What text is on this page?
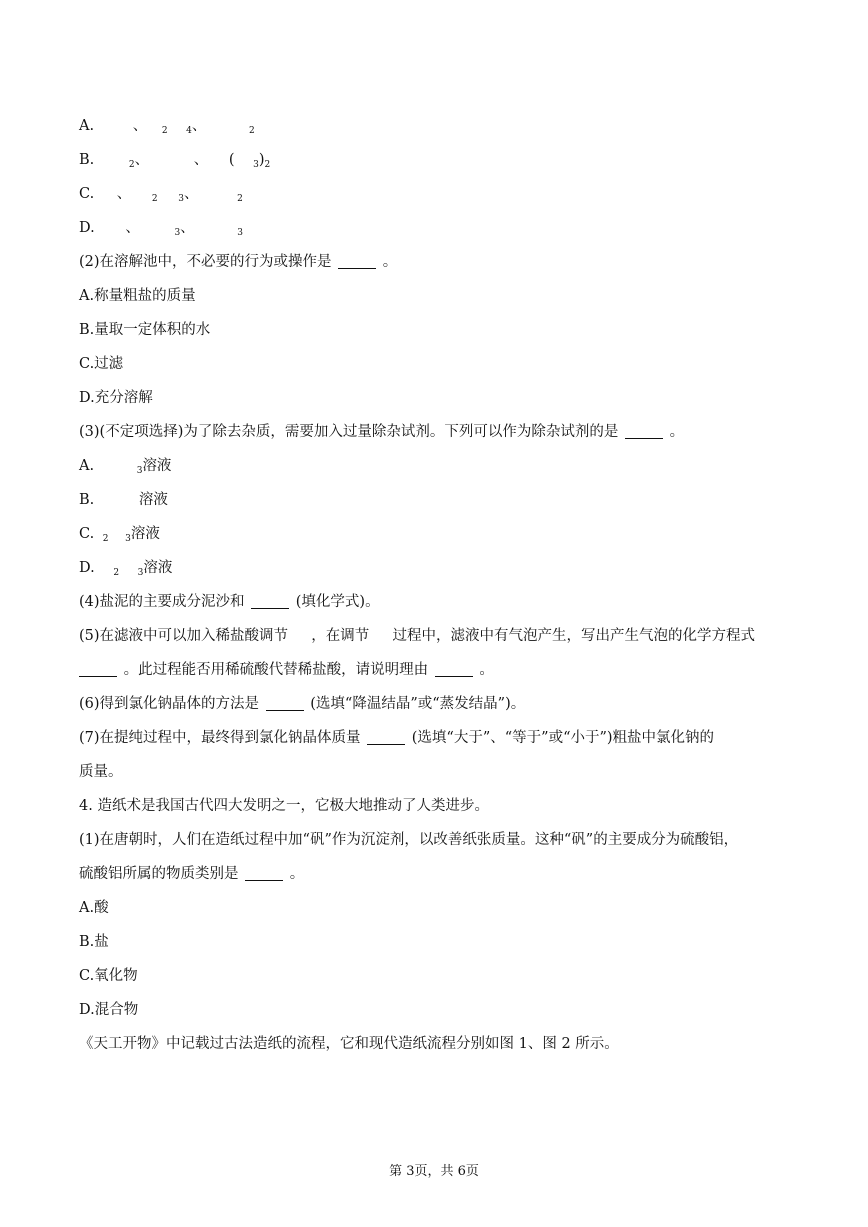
A.	、 $_2$ $_4$、	$_2$
B.	$_2$、	、 ( $_3)_2$
C. 、 $_2$ $_3$、	$_2$
D. 、	$_3$、	$_3$
(2)在溶解池中，不必要的行为或操作是	。
A.称量粗盐的质量
B.量取一定体积的水
C.过滤
D.充分溶解
(3)(不定项选择)为了除去杂质，需要加入过量除杂试剂。下列可以作为除杂试剂的是	。
A.	$_3$溶液
B.	溶液
C. $_2$ $_3$溶液
D. $_2$ $_3$溶液
(4)盐泥的主要成分泥沙和	(填化学式)。
(5)在滤液中可以加入稀盐酸调节 ，在调节 过程中，滤液中有气泡产生，写出产生气泡的化学方程式
。此过程能否用稀硫酸代替稀盐酸，请说明理由	。
(6)得到氯化钠晶体的方法是	(选填“降温结晶”或“蒸发结晶”)。
(7)在提纯过程中，最终得到氯化钠晶体质量	(选填“大于”、“等于”或“小于”)粗盐中氯化钠的
质量。
4. 造纸术是我国古代四大发明之一，它极大地推动了人类进步。
(1)在唐朝时，人们在造纸过程中加“矾”作为沉淀剂，以改善纸张质量。这种“矾”的主要成分为硫酸铝，
硫酸铝所属的物质类别是	。
A.酸
B.盐
C.氧化物
D.混合物
《天工开物》中记载过古法造纸的流程，它和现代造纸流程分别如图 1、图 2 所示。
第 3页，共 6页
